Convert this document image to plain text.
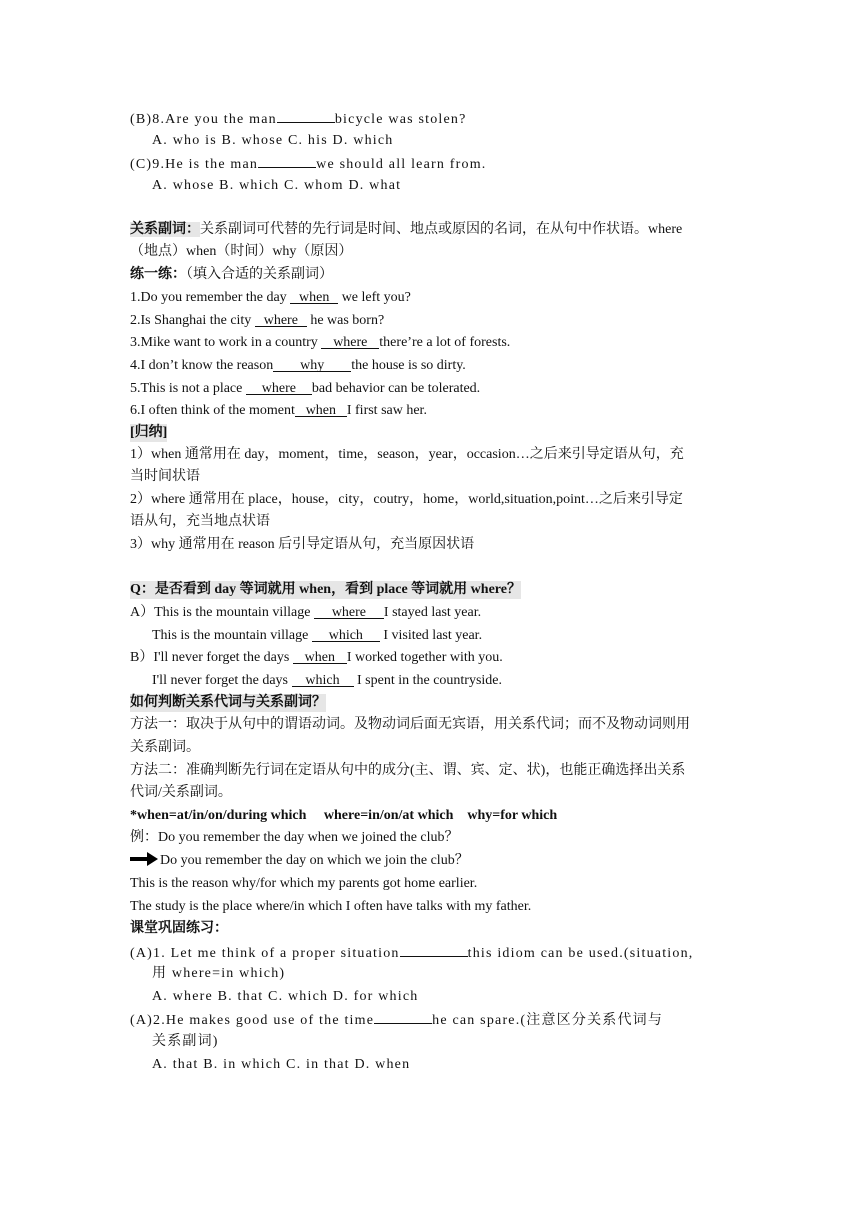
(B)8.Are you the man	bicycle was stolen?
A. who is B. whose C. his D. which
(C)9.He is the man	we should all learn from.
A. whose B. which C. whom D. what
关系副词：关系副词可代替的先行词是时间、地点或原因的名词，在从句中作状语。where
（地点）when（时间）why（原因）
练一练：（填入合适的关系副词）
1.Do you remember the day when we left you?
2.Is Shanghai the city where he was born?
3.Mike want to work in a country where there’re a lot of forests.
4.I don’t know the reason why the house is so dirty.
5.This is not a place where bad behavior can be tolerated.
6.I often think of the moment when I first saw her.
[归纳]
1）when 通常用在 day，moment，time，season，year，occasion…之后来引导定语从句，充
当时间状语
2）where 通常用在 place，house，city，coutry，home，world,situation,point…之后来引导定
语从句，充当地点状语
3）why 通常用在 reason 后引导定语从句，充当原因状语
Q：是否看到 day 等词就用 when，看到 place 等词就用 where？
A）This is the mountain village where I stayed last year.
This is the mountain village which I visited last year.
B）I'll never forget the days when I worked together with you.
I'll never forget the days which I spent in the countryside.
如何判断关系代词与关系副词？
方法一：取决于从句中的谓语动词。及物动词后面无宾语，用关系代词；而不及物动词则用
关系副词。
方法二：准确判断先行词在定语从句中的成分(主、谓、宾、定、状)，也能正确选择出关系
代词/关系副词。
*when=at/in/on/during which     where=in/on/at which    why=for which
例：Do you remember the day when we joined the club？
Do you remember the day on which we join the club？
This is the reason why/for which my parents got home earlier.
The study is the place where/in which I often have talks with my father.
课堂巩固练习：
(A)1. Let me think of a proper situation	this idiom can be used.(situation,
用 where=in which)
A. where B. that C. which D. for which
(A)2.He makes good use of the time	he can spare.(注意区分关系代词与
关系副词)
A. that B. in which C. in that D. when
